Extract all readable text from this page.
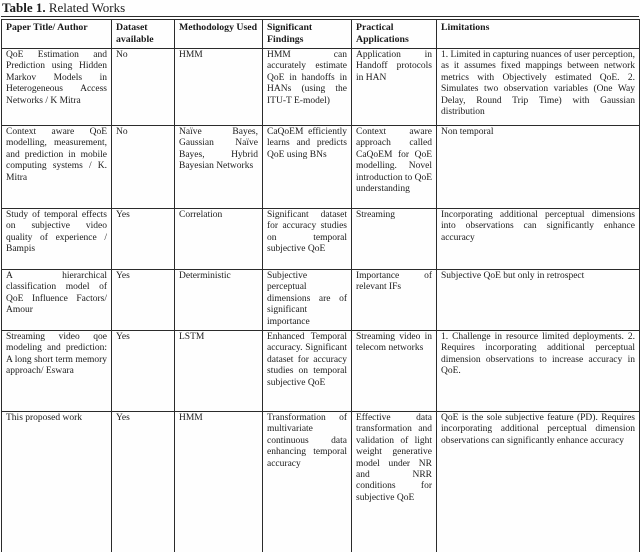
Table 1. Related Works
Paper Title/ Author	Dataset available	Methodology Used	Significant Findings	Practical Applications	Limitations
QoE Estimation and Prediction using Hidden Markov Models in Heterogeneous Access Networks / K Mitra	No	HMM	HMM can accurately estimate QoE in handoffs in HANs (using the ITU-T E-model)	Application in Handoff protocols in HAN	1. Limited in capturing nuances of user perception, as it assumes fixed mappings between network metrics with Objectively estimated QoE. 2. Simulates two observation variables (One Way Delay, Round Trip Time) with Gaussian distribution
Context aware QoE modelling, measurement, and prediction in mobile computing systems / K. Mitra	No	Naïve Bayes, Gaussian Naïve Bayes, Hybrid Bayesian Networks	CaQoEM efficiently learns and predicts QoE using BNs	Context aware approach called CaQoEM for QoE modelling. Novel introduction to QoE understanding	Non temporal
Study of temporal effects on subjective video quality of experience / Bampis	Yes	Correlation	Significant dataset for accuracy studies on temporal subjective QoE	Streaming	Incorporating additional perceptual dimensions into observations can significantly enhance accuracy
A hierarchical classification model of QoE Influence Factors/ Amour	Yes	Deterministic	Subjective perceptual dimensions are of significant importance	Importance of relevant IFs	Subjective QoE but only in retrospect
Streaming video qoe modeling and prediction: A long short term memory approach/ Eswara	Yes	LSTM	Enhanced Temporal accuracy. Significant dataset for accuracy studies on temporal subjective QoE	Streaming video in telecom networks	1. Challenge in resource limited deployments. 2. Requires incorporating additional perceptual dimension observations to increase accuracy in QoE.
This proposed work	Yes	HMM	Transformation of multivariate continuous data enhancing temporal accuracy	Effective data transformation and validation of light weight generative model under NR and NRR conditions for subjective QoE	QoE is the sole subjective feature (PD). Requires incorporating additional perceptual dimension observations can significantly enhance accuracy
